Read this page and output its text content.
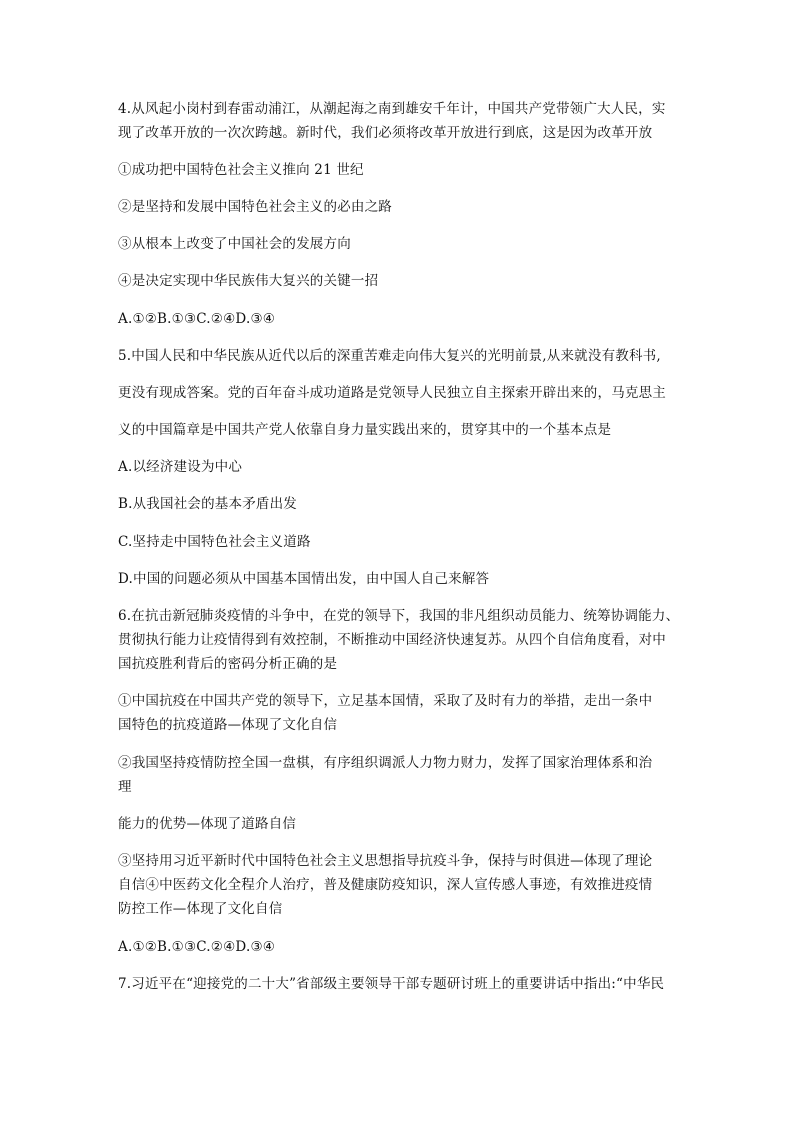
4.从风起小岗村到春雷动浦江，从潮起海之南到雄安千年计，中国共产党带领广大人民，实
现了改革开放的一次次跨越。新时代，我们必须将改革开放进行到底，这是因为改革开放
①成功把中国特色社会主义推向 21 世纪
②是坚持和发展中国特色社会主义的必由之路
③从根本上改变了中国社会的发展方向
④是决定实现中华民族伟大复兴的关键一招
A.①②B.①③C.②④D.③④
5.中国人民和中华民族从近代以后的深重苦难走向伟大复兴的光明前景,从来就没有教科书,
更没有现成答案。党的百年奋斗成功道路是党领导人民独立自主探索开辟出来的，马克思主
义的中国篇章是中国共产党人依靠自身力量实践出来的，贯穿其中的一个基本点是
A.以经济建设为中心
B.从我国社会的基本矛盾出发
C.坚持走中国特色社会主义道路
D.中国的问题必须从中国基本国情出发，由中国人自己来解答
6.在抗击新冠肺炎疫情的斗争中，在党的领导下，我国的非凡组织动员能力、统筹协调能力、
贯彻执行能力让疫情得到有效控制，不断推动中国经济快速复苏。从四个自信角度看，对中
国抗疫胜利背后的密码分析正确的是
①中国抗疫在中国共产党的领导下，立足基本国情，采取了及时有力的举措，走出一条中
国特色的抗疫道路—体现了文化自信
②我国坚持疫情防控全国一盘棋，有序组织调派人力物力财力，发挥了国家治理体系和治
理
能力的优势—体现了道路自信
③坚持用习近平新时代中国特色社会主义思想指导抗疫斗争，保持与时俱进—体现了理论
自信④中医药文化全程介人治疗，普及健康防疫知识，深人宣传感人事迹，有效推进疫情
防控工作—体现了文化自信
A.①②B.①③C.②④D.③④
7.习近平在“迎接党的二十大”省部级主要领导干部专题研讨班上的重要讲话中指出:“中华民
